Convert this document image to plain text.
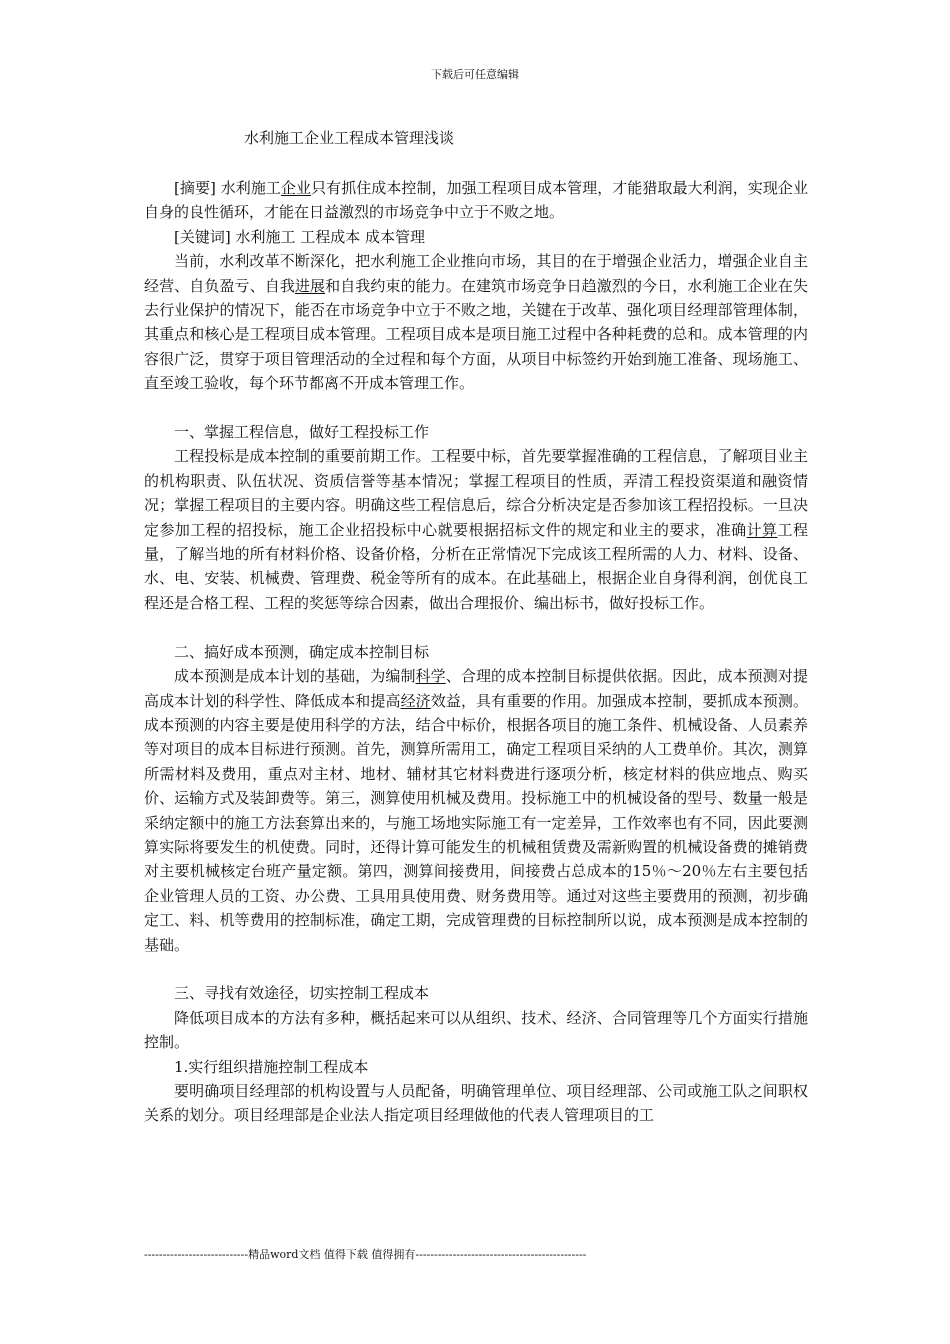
下载后可任意编辑
水利施工企业工程成本管理浅谈

[摘要] 水利施工企业只有抓住成本控制，加强工程项目成本管理，才能猎取最大利润，实现企业自身的良性循环，才能在日益激烈的市场竞争中立于不败之地。

[关键词] 水利施工 工程成本 成本管理

当前，水利改革不断深化，把水利施工企业推向市场，其目的在于增强企业活力，增强企业自主经营、自负盈亏、自我进展和自我约束的能力。在建筑市场竞争日趋激烈的今日，水利施工企业在失去行业保护的情况下，能否在市场竞争中立于不败之地，关键在于改革、强化项目经理部管理体制，其重点和核心是工程项目成本管理。工程项目成本是项目施工过程中各种耗费的总和。成本管理的内容很广泛，贯穿于项目管理活动的全过程和每个方面，从项目中标签约开始到施工准备、现场施工、直至竣工验收，每个环节都离不开成本管理工作。

一、掌握工程信息，做好工程投标工作

工程投标是成本控制的重要前期工作。工程要中标，首先要掌握准确的工程信息，了解项目业主的机构职责、队伍状况、资质信誉等基本情况；掌握工程项目的性质，弄清工程投资渠道和融资情况；掌握工程项目的主要内容。明确这些工程信息后，综合分析决定是否参加该工程招投标。一旦决定参加工程的招投标，施工企业招投标中心就要根据招标文件的规定和业主的要求，准确计算工程量，了解当地的所有材料价格、设备价格，分析在正常情况下完成该工程所需的人力、材料、设备、水、电、安装、机械费、管理费、税金等所有的成本。在此基础上，根据企业自身得利润，创优良工程还是合格工程、工程的奖惩等综合因素，做出合理报价、编出标书，做好投标工作。

二、搞好成本预测，确定成本控制目标

成本预测是成本计划的基础，为编制科学、合理的成本控制目标提供依据。因此，成本预测对提高成本计划的科学性、降低成本和提高经济效益，具有重要的作用。加强成本控制，要抓成本预测。成本预测的内容主要是使用科学的方法，结合中标价，根据各项目的施工条件、机械设备、人员素养等对项目的成本目标进行预测。首先，测算所需用工，确定工程项目采纳的人工费单价。其次，测算所需材料及费用，重点对主材、地材、辅材其它材料费进行逐项分析，核定材料的供应地点、购买价、运输方式及装卸费等。第三，测算使用机械及费用。投标施工中的机械设备的型号、数量一般是采纳定额中的施工方法套算出来的，与施工场地实际施工有一定差异，工作效率也有不同，因此要测算实际将要发生的机使费。同时，还得计算可能发生的机械租赁费及需新购置的机械设备费的摊销费对主要机械核定台班产量定额。第四，测算间接费用，间接费占总成本的15％～20％左右主要包括企业管理人员的工资、办公费、工具用具使用费、财务费用等。通过对这些主要费用的预测，初步确定工、料、机等费用的控制标准，确定工期，完成管理费的目标控制所以说，成本预测是成本控制的基础。

三、寻找有效途径，切实控制工程成本

降低项目成本的方法有多种，概括起来可以从组织、技术、经济、合同管理等几个方面实行措施控制。

1.实行组织措施控制工程成本

要明确项目经理部的机构设置与人员配备，明确管理单位、项目经理部、公司或施工队之间职权关系的划分。项目经理部是企业法人指定项目经理做他的代表人管理项目的工

----------------------------精品word文档 值得下载 值得拥有----------------------------------------------
